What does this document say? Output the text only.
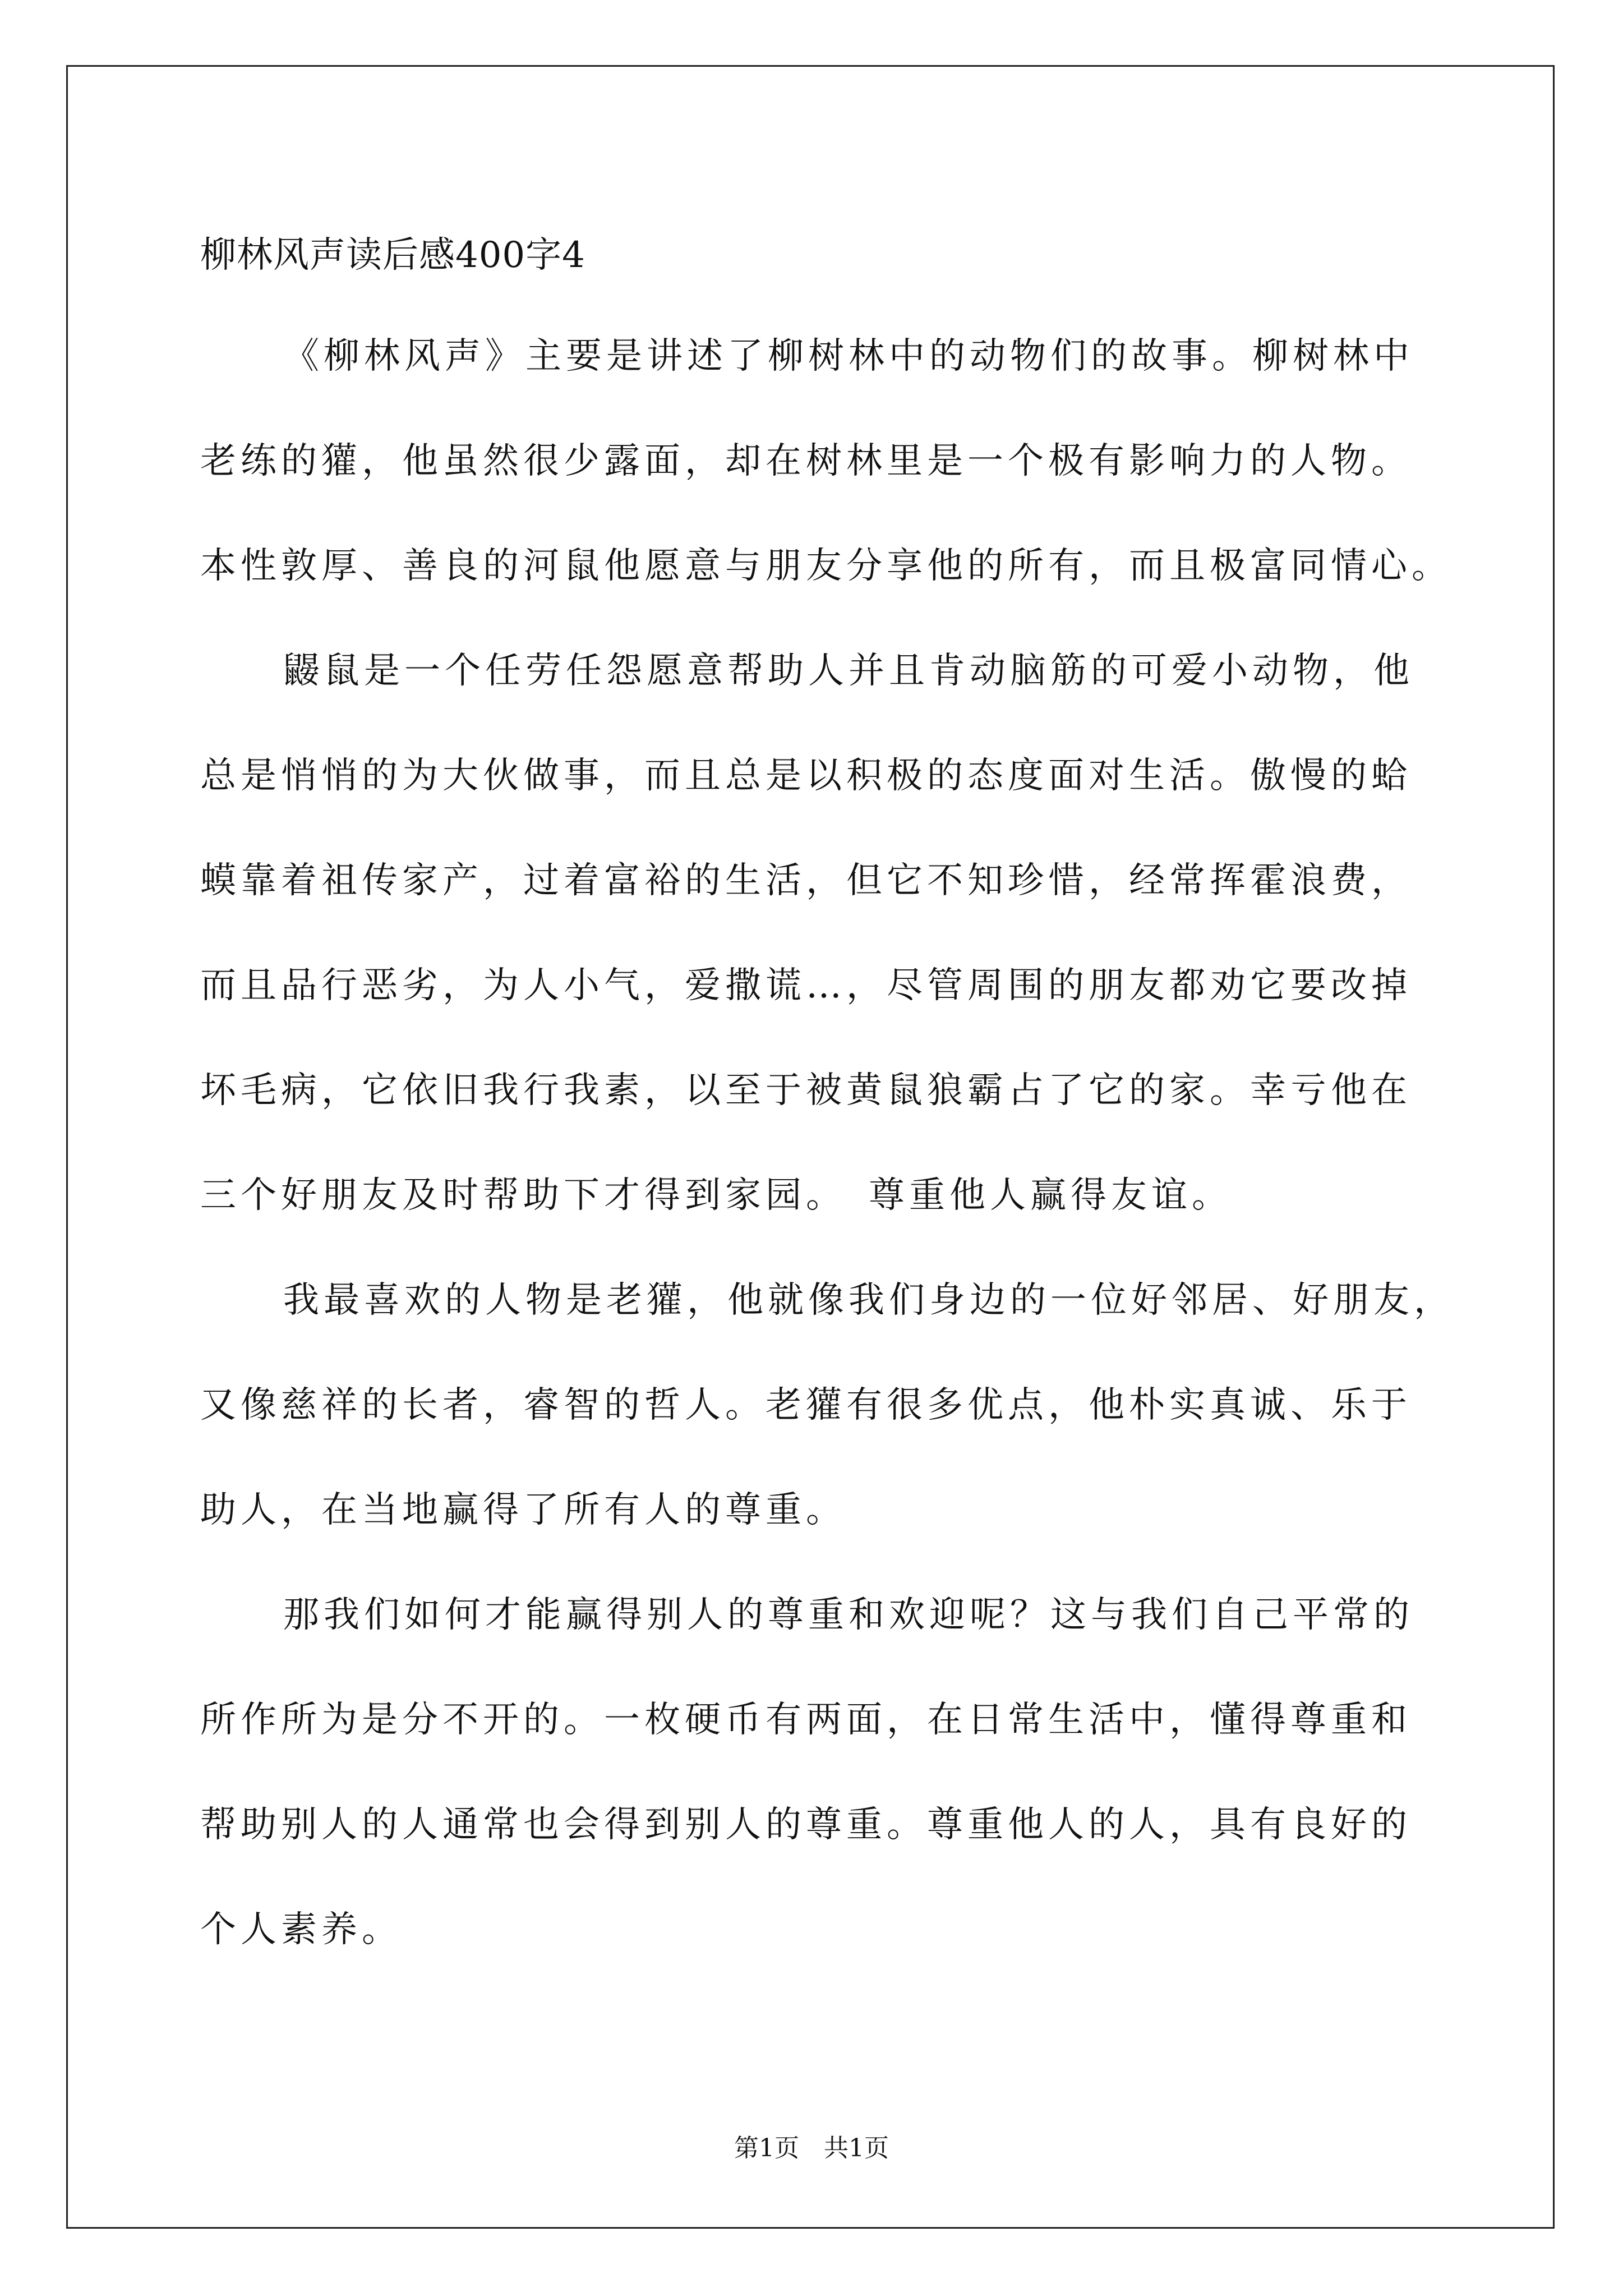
柳林风声读后感400字4
《柳林风声》主要是讲述了柳树林中的动物们的故事。柳树林中
老练的獾，他虽然很少露面，却在树林里是一个极有影响力的人物。
本性敦厚、善良的河鼠他愿意与朋友分享他的所有，而且极富同情心。
鼹鼠是一个任劳任怨愿意帮助人并且肯动脑筋的可爱小动物，他
总是悄悄的为大伙做事，而且总是以积极的态度面对生活。傲慢的蛤
蟆靠着祖传家产，过着富裕的生活，但它不知珍惜，经常挥霍浪费，
而且品行恶劣，为人小气，爱撒谎…，尽管周围的朋友都劝它要改掉
坏毛病，它依旧我行我素，以至于被黄鼠狼霸占了它的家。幸亏他在
三个好朋友及时帮助下才得到家园。　尊重他人赢得友谊。
我最喜欢的人物是老獾，他就像我们身边的一位好邻居、好朋友，
又像慈祥的长者，睿智的哲人。老獾有很多优点，他朴实真诚、乐于
助人，在当地赢得了所有人的尊重。
那我们如何才能赢得别人的尊重和欢迎呢？这与我们自己平常的
所作所为是分不开的。一枚硬币有两面，在日常生活中，懂得尊重和
帮助别人的人通常也会得到别人的尊重。尊重他人的人，具有良好的
个人素养。
第1页　共1页
